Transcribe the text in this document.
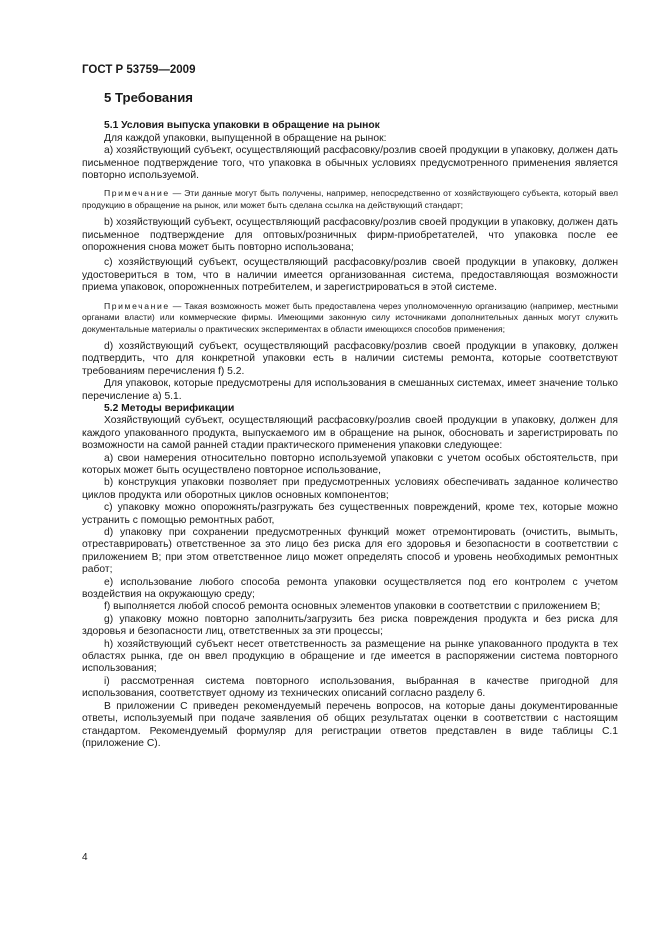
ГОСТ Р 53759—2009

5 Требования

5.1 Условия выпуска упаковки в обращение на рынок

Для каждой упаковки, выпущенной в обращение на рынок:

а) хозяйствующий субъект, осуществляющий расфасовку/розлив своей продукции в упаковку, должен дать письменное подтверждение того, что упаковка в обычных условиях предусмотренного применения является повторно используемой.

Примечание — Эти данные могут быть получены, например, непосредственно от хозяйствующего субъекта, который ввел продукцию в обращение на рынок, или может быть сделана ссылка на действующий стандарт;

b) хозяйствующий субъект, осуществляющий расфасовку/розлив своей продукции в упаковку, должен дать письменное подтверждение для оптовых/розничных фирм-приобретателей, что упаковка после ее опорожнения снова может быть повторно использована;

с) хозяйствующий субъект, осуществляющий расфасовку/розлив своей продукции в упаковку, должен удостовериться в том, что в наличии имеется организованная система, предоставляющая возможности приема упаковок, опорожненных потребителем, и зарегистрироваться в этой системе.

Примечание — Такая возможность может быть предоставлена через уполномоченную организацию (например, местными органами власти) или коммерческие фирмы. Имеющими законную силу источниками дополнительных данных могут служить документальные материалы о практических экспериментах в области имеющихся способов применения;

d) хозяйствующий субъект, осуществляющий расфасовку/розлив своей продукции в упаковку, должен подтвердить, что для конкретной упаковки есть в наличии системы ремонта, которые соответствуют требованиям перечисления f) 5.2.

Для упаковок, которые предусмотрены для использования в смешанных системах, имеет значение только перечисление а) 5.1.

5.2 Методы верификации

Хозяйствующий субъект, осуществляющий расфасовку/розлив своей продукции в упаковку, должен для каждого упакованного продукта, выпускаемого им в обращение на рынок, обосновать и зарегистрировать по возможности на самой ранней стадии практического применения упаковки следующее:

а) свои намерения относительно повторно используемой упаковки с учетом особых обстоятельств, при которых может быть осуществлено повторное использование,

b) конструкция упаковки позволяет при предусмотренных условиях обеспечивать заданное количество циклов продукта или оборотных циклов основных компонентов;

с) упаковку можно опорожнять/разгружать без существенных повреждений, кроме тех, которые можно устранить с помощью ремонтных работ,

d) упаковку при сохранении предусмотренных функций может отремонтировать (очистить, вымыть, отреставрировать) ответственное за это лицо без риска для его здоровья и безопасности в соответствии с приложением В; при этом ответственное лицо может определять способ и уровень необходимых ремонтных работ;

е) использование любого способа ремонта упаковки осуществляется под его контролем с учетом воздействия на окружающую среду;

f) выполняется любой способ ремонта основных элементов упаковки в соответствии с приложением В;

g) упаковку можно повторно заполнить/загрузить без риска повреждения продукта и без риска для здоровья и безопасности лиц, ответственных за эти процессы;

h) хозяйствующий субъект несет ответственность за размещение на рынке упакованного продукта в тех областях рынка, где он ввел продукцию в обращение и где имеется в распоряжении система повторного использования;

i) рассмотренная система повторного использования, выбранная в качестве пригодной для использования, соответствует одному из технических описаний согласно разделу 6.

В приложении С приведен рекомендуемый перечень вопросов, на которые даны документированные ответы, используемый при подаче заявления об общих результатах оценки в соответствии с настоящим стандартом. Рекомендуемый формуляр для регистрации ответов представлен в виде таблицы С.1 (приложение С).

4
